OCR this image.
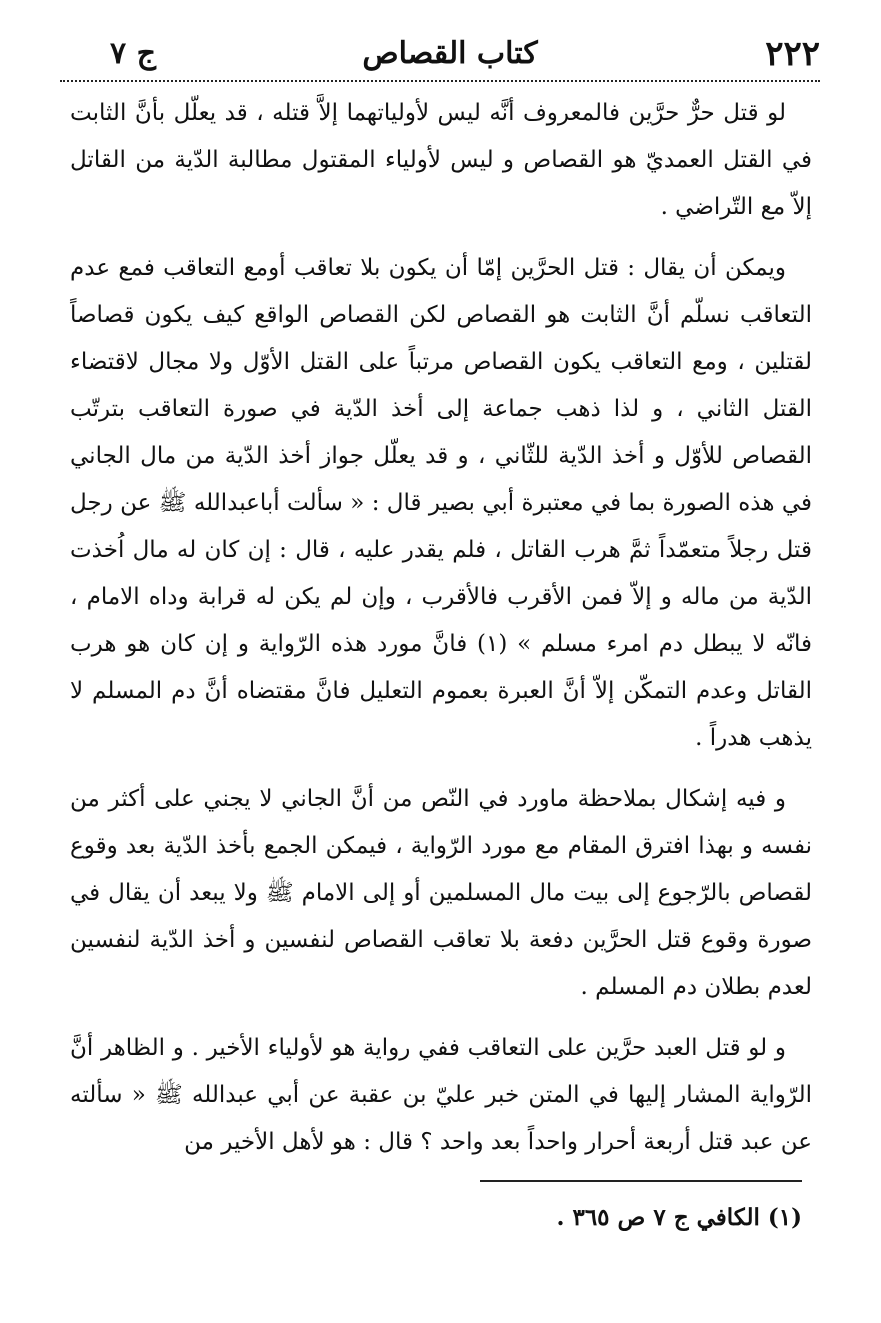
٢٢٢
كتاب القصاص
ج ٧

لو قتل حرٌّ حرَّين فالمعروف أنَّه ليس لأولياتهما إلاَّ قتله ، قد يعلّل بأنَّ الثابت في القتل العمديّ هو القصاص و ليس لأولياء المقتول مطالبة الدّية من القاتل إلاّ مع التّراضي .

ويمكن أن يقال : قتل الحرَّين إمّا أن يكون بلا تعاقب أومع التعاقب فمع عدم التعاقب نسلّم أنَّ الثابت هو القصاص لكن القصاص الواقع كيف يكون قصاصاً لقتلين ، ومع التعاقب يكون القصاص مرتباً على القتل الأوّل ولا مجال لاقتضاء القتل الثاني ، و لذا ذهب جماعة إلى أخذ الدّية في صورة التعاقب بترتّب القصاص للأوّل و أخذ الدّية للثّاني ، و قد يعلّل جواز أخذ الدّية من مال الجاني في هذه الصورة بما في معتبرة أبي بصير قال : « سألت أباعبدالله ﷺ عن رجل قتل رجلاً متعمّداً ثمَّ هرب القاتل ، فلم يقدر عليه ، قال : إن كان له مال اُخذت الدّية من ماله و إلاّ فمن الأقرب فالأقرب ، وإن لم يكن له قرابة وداه الامام ، فانّه لا يبطل دم امرء مسلم » (١) فانَّ مورد هذه الرّواية و إن كان هو هرب القاتل وعدم التمكّن إلاّ أنَّ العبرة بعموم التعليل فانَّ مقتضاه أنَّ دم المسلم لا يذهب هدراً .

و فيه إشكال بملاحظة ماورد في النّص من أنَّ الجاني لا يجني على أكثر من نفسه و بهذا افترق المقام مع مورد الرّواية ، فيمكن الجمع بأخذ الدّية بعد وقوع لقصاص بالرّجوع إلى بيت مال المسلمين أو إلى الامام ﷺ ولا يبعد أن يقال في صورة وقوع قتل الحرَّين دفعة بلا تعاقب القصاص لنفسين و أخذ الدّية لنفسين لعدم بطلان دم المسلم .

و لو قتل العبد حرَّين على التعاقب ففي رواية هو لأولياء الأخير . و الظاهر أنَّ الرّواية المشار إليها في المتن خبر عليّ بن عقبة عن أبي عبدالله ﷺ « سألته عن عبد قتل أربعة أحرار واحداً بعد واحد ؟ قال : هو لأهل الأخير من

(١) الكافي ج ٧ ص ٣٦٥ .
